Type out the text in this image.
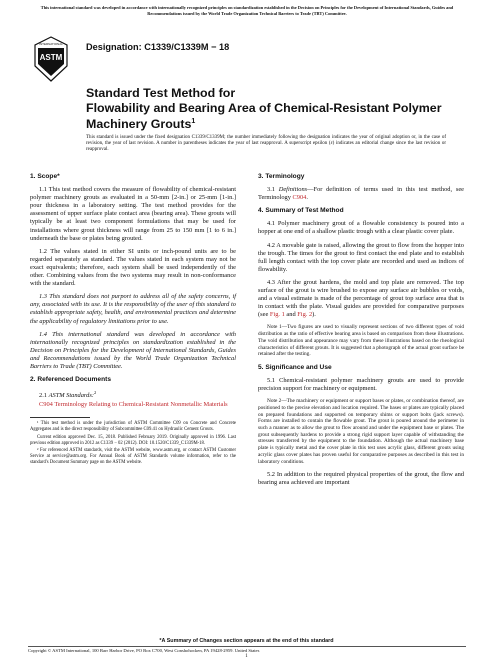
This international standard was developed in accordance with internationally recognized principles on standardization established in the Decision on Principles for the Development of International Standards, Guides and Recommendations issued by the World Trade Organization Technical Barriers to Trade (TBT) Committee.
ASTM
INTERNATIONAL	Designation: C1339/C1339M − 18
Standard Test Method for
Flowability and Bearing Area of Chemical-Resistant Polymer
Machinery Grouts$^1$
This standard is issued under the fixed designation C1339/C1339M; the number immediately following the designation indicates the year of original adoption or, in the case of revision, the year of last revision. A number in parentheses indicates the year of last reapproval. A superscript epsilon (ε) indicates an editorial change since the last revision or reapproval.
1. Scope*

1.1 This test method covers the measure of flowability of chemical-resistant polymer machinery grouts as evaluated in a 50-mm [2-in.] or 25-mm [1-in.] pour thickness in a laboratory setting. The test method provides for the assessment of upper surface plate contact area (bearing area). These grouts will typically be at least two component formulations that may be used for installations where grout thickness will range from 25 to 150 mm [1 to 6 in.] underneath the base or plates being grouted.

1.2 The values stated in either SI units or inch-pound units are to be regarded separately as standard. The values stated in each system may not be exact equivalents; therefore, each system shall be used independently of the other. Combining values from the two systems may result in non-conformance with the standard.

1.3 This standard does not purport to address all of the safety concerns, if any, associated with its use. It is the responsibility of the user of this standard to establish appropriate safety, health, and environmental practices and determine the applicability of regulatory limitations prior to use.

1.4 This international standard was developed in accordance with internationally recognized principles on standardization established in the Decision on Principles for the Development of International Standards, Guides and Recommendations issued by the World Trade Organization Technical Barriers to Trade (TBT) Committee.

2. Referenced Documents

2.1 ASTM Standards:$^2$

C904 Terminology Relating to Chemical-Resistant Nonmetallic Materials

¹ This test method is under the jurisdiction of ASTM Committee C09 on Concrete and Concrete Aggregates and is the direct responsibility of Subcommittee C09.41 on Hydraulic Cement Grouts.

Current edition approved Dec. 15, 2018. Published February 2019. Originally approved in 1996. Last previous edition approved in 2012 as C1339 − 02 (2012). DOI: 10.1520/C1339_C1339M-18.

² For referenced ASTM standards, visit the ASTM website, www.astm.org, or contact ASTM Customer Service at service@astm.org. For Annual Book of ASTM Standards volume information, refer to the standard's Document Summary page on the ASTM website.

3. Terminology

3.1 Definitions—For definition of terms used in this test method, see Terminology C904.

4. Summary of Test Method

4.1 Polymer machinery grout of a flowable consistency is poured into a hopper at one end of a shallow plastic trough with a clear plastic cover plate.

4.2 A movable gate is raised, allowing the grout to flow from the hopper into the trough. The times for the grout to first contact the end plate and to establish full length contact with the top cover plate are recorded and used as indices of flowability.

4.3 After the grout hardens, the mold and top plate are removed. The top surface of the grout is wire brushed to expose any surface air bubbles or voids, and a visual estimate is made of the percentage of grout top surface area that is in contact with the plate. Visual guides are provided for comparative purposes (see Fig. 1 and Fig. 2).

Note 1—Two figures are used to visually represent sections of two different types of void distribution as the ratio of effective bearing area is based on comparison from these illustrations. The void distribution and appearance may vary from these illustrations based on the rheological characteristics of different grouts. It is suggested that a photograph of the actual grout surface be retained after the testing.

5. Significance and Use

5.1 Chemical-resistant polymer machinery grouts are used to provide precision support for machinery or equipment.

Note 2—The machinery or equipment or support bases or plates, or combination thereof, are positioned to the precise elevation and location required. The bases or plates are typically placed on prepared foundations and supported on temporary shims or support bolts (jack screws). Forms are installed to contain the flowable grout. The grout is poured around the perimeter in such a manner as to allow the grout to flow around and under the equipment base or plates. The grout subsequently hardens to provide a strong rigid support layer capable of withstanding the stresses transferred by the equipment to the foundation. Although the actual machinery base plate is typically metal and the cover plate in this test uses acrylic glass, different grouts using acrylic glass cover plates has proven useful for comparative purposes as described in this test in laboratory conditions.

5.2 In addition to the required physical properties of the grout, the flow and bearing area achieved are important

*A Summary of Changes section appears at the end of this standard
Copyright © ASTM International, 100 Barr Harbor Drive, PO Box C700, West Conshohocken, PA 19428-2959. United States
1
